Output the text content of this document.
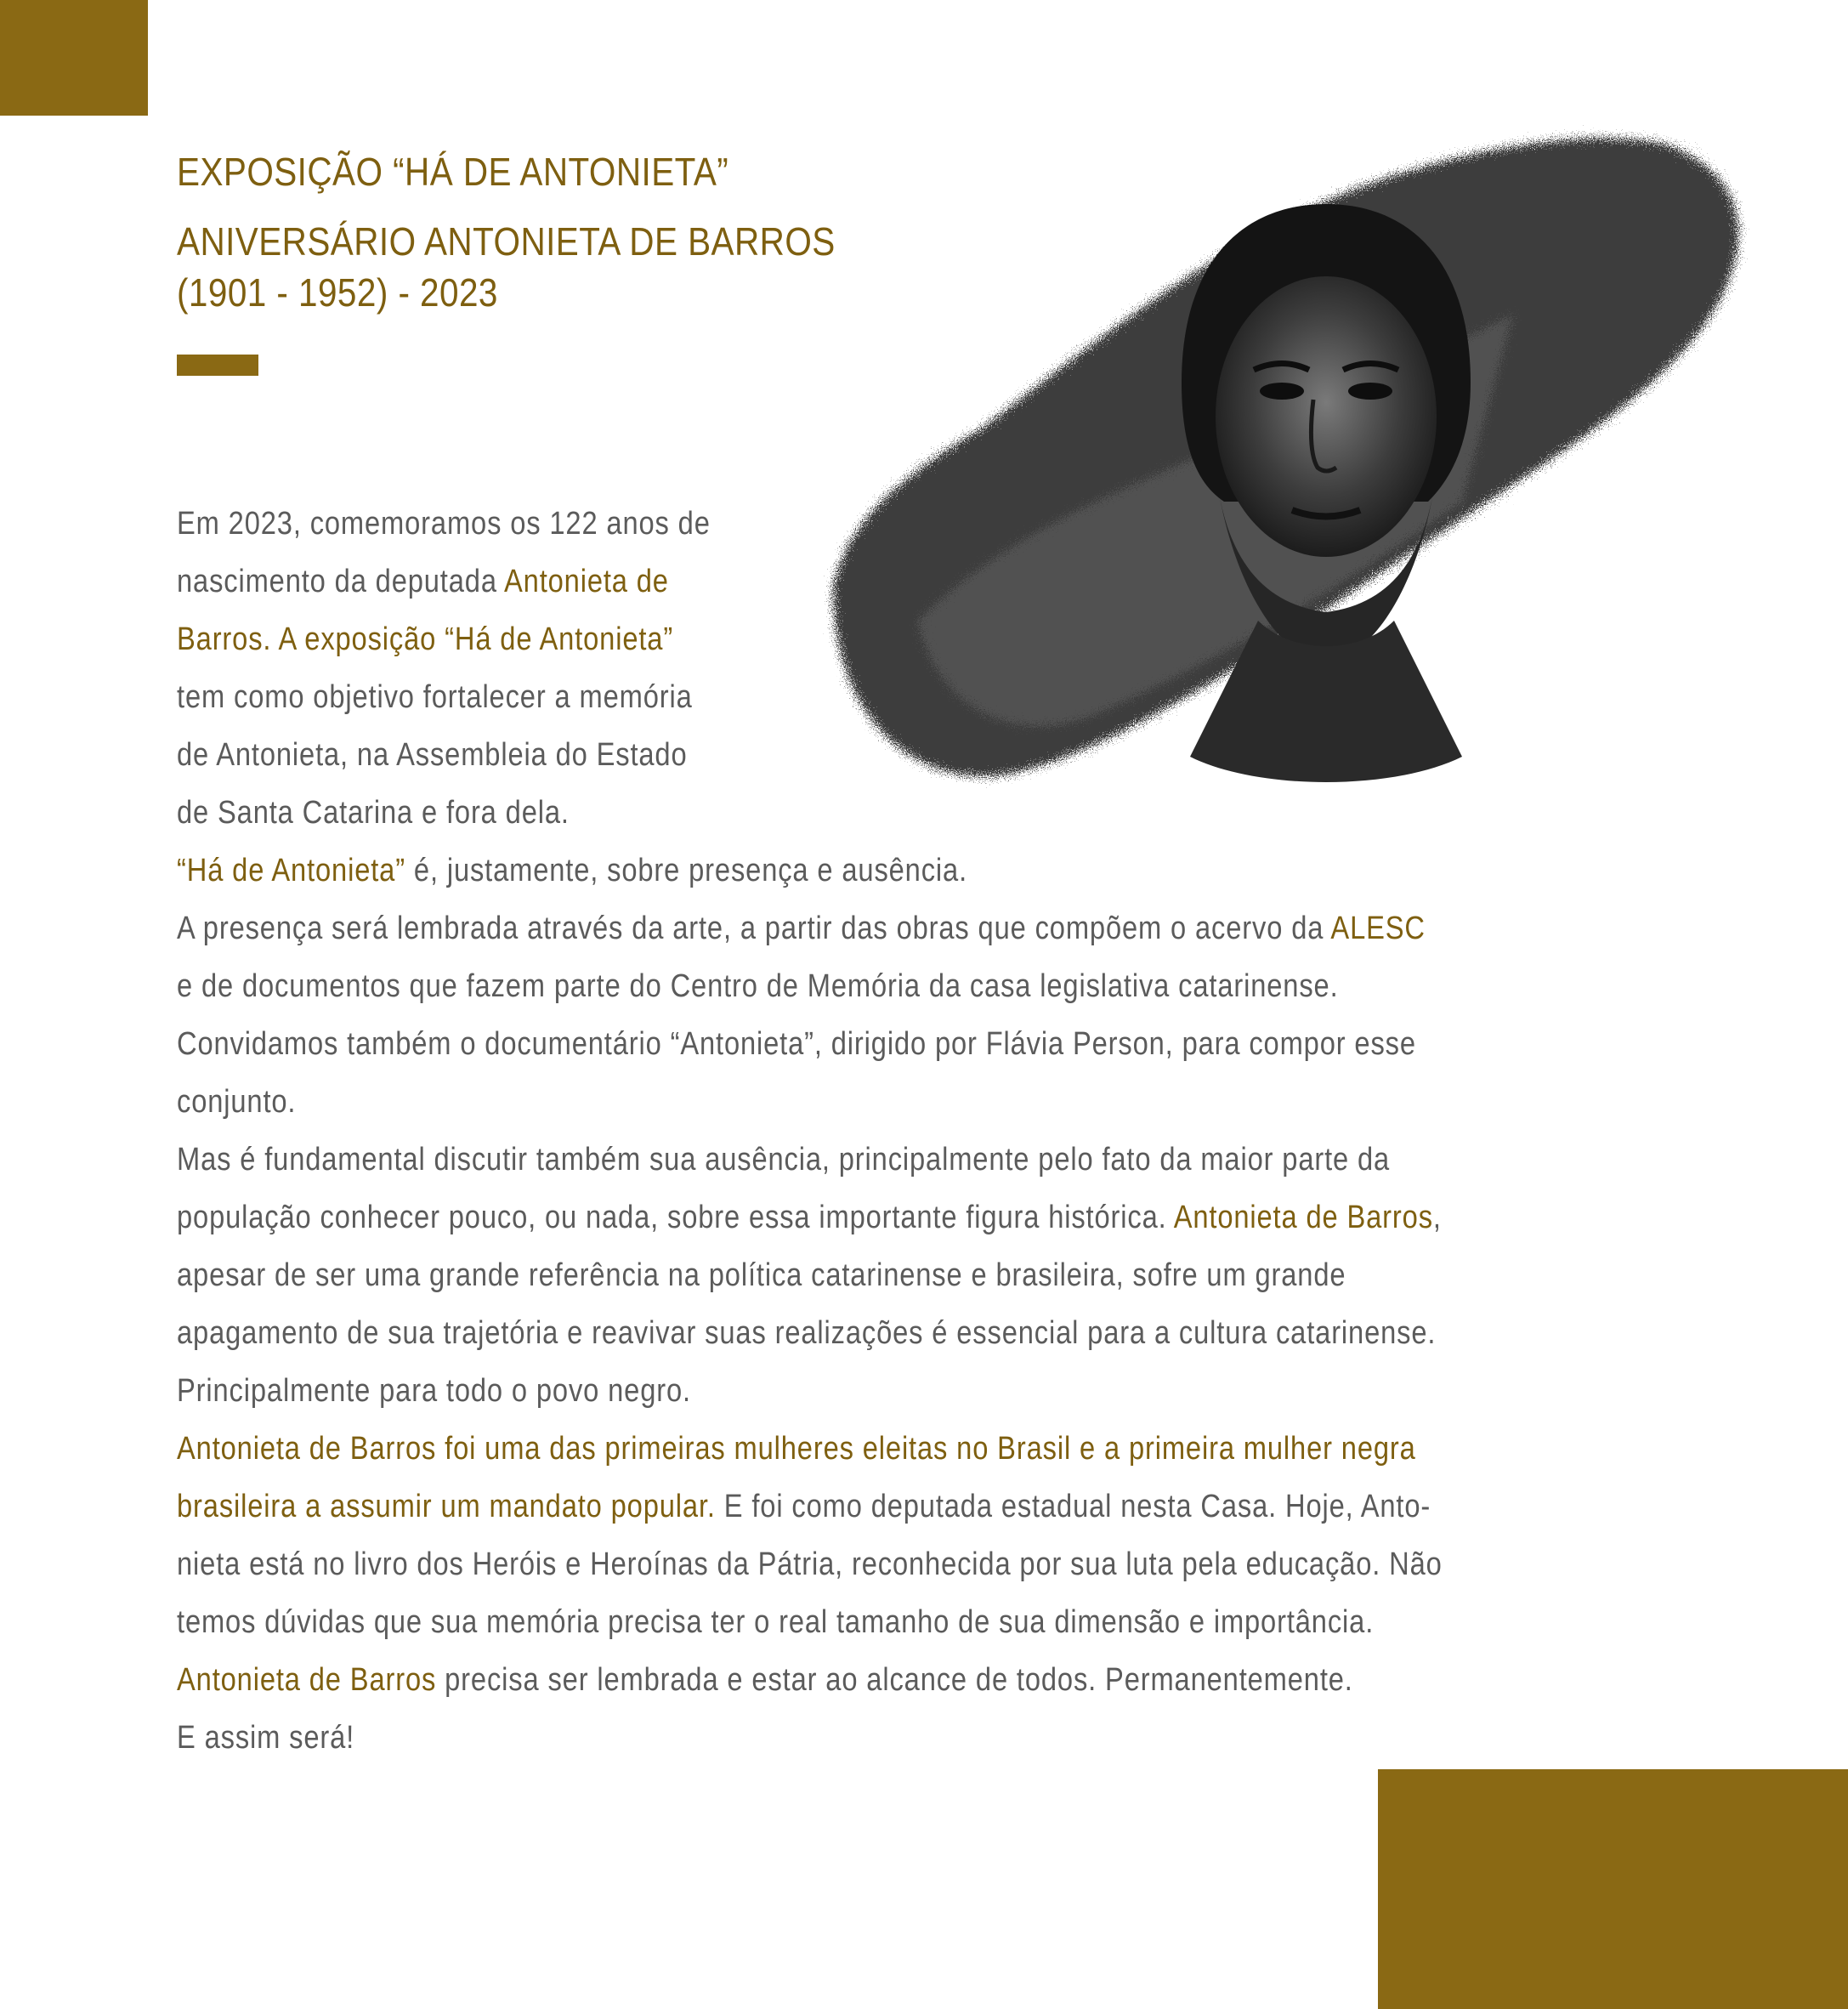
EXPOSIÇÃO “HÁ DE ANTONIETA”
ANIVERSÁRIO ANTONIETA DE BARROS
(1901 - 1952) - 2023
Em 2023, comemoramos os 122 anos de
nascimento da deputada Antonieta de
Barros. A exposição “Há de Antonieta”
tem como objetivo fortalecer a memória
de Antonieta, na Assembleia do Estado
de Santa Catarina e fora dela.
“Há de Antonieta” é, justamente, sobre presença e ausência.
A presença será lembrada através da arte, a partir das obras que compõem o acervo da ALESC
e de documentos que fazem parte do Centro de Memória da casa legislativa catarinense.
Convidamos também o documentário “Antonieta”, dirigido por Flávia Person, para compor esse
conjunto.
Mas é fundamental discutir também sua ausência, principalmente pelo fato da maior parte da
população conhecer pouco, ou nada, sobre essa importante figura histórica. Antonieta de Barros,
apesar de ser uma grande referência na política catarinense e brasileira, sofre um grande
apagamento de sua trajetória e reavivar suas realizações é essencial para a cultura catarinense.
Principalmente para todo o povo negro.
Antonieta de Barros foi uma das primeiras mulheres eleitas no Brasil e a primeira mulher negra
brasileira a assumir um mandato popular. E foi como deputada estadual nesta Casa. Hoje, Anto-
nieta está no livro dos Heróis e Heroínas da Pátria, reconhecida por sua luta pela educação. Não
temos dúvidas que sua memória precisa ter o real tamanho de sua dimensão e importância.
Antonieta de Barros precisa ser lembrada e estar ao alcance de todos. Permanentemente.
E assim será!
